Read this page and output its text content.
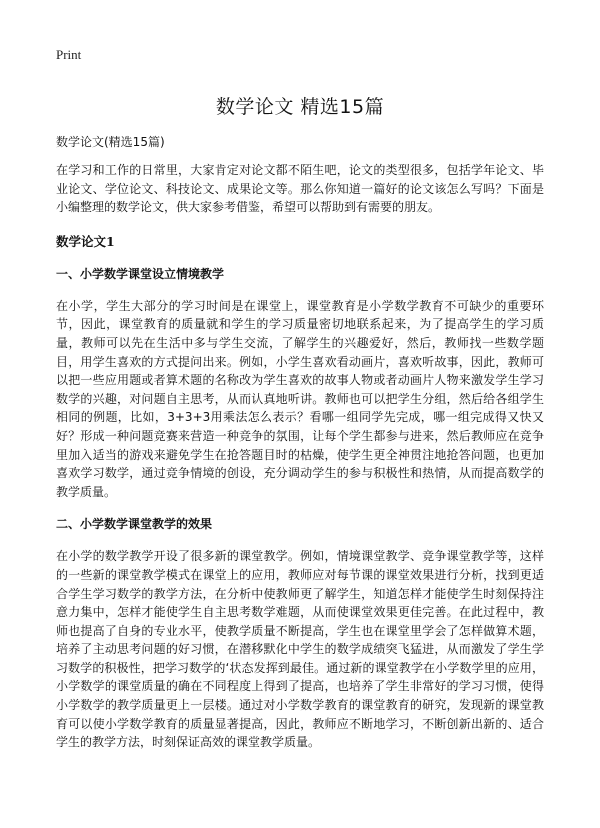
Print
数学论文 精选15篇
数学论文(精选15篇)

在学习和工作的日常里，大家肯定对论文都不陌生吧，论文的类型很多，包括学年论文、毕业论文、学位论文、科技论文、成果论文等。那么你知道一篇好的论文该怎么写吗？下面是小编整理的数学论文，供大家参考借鉴，希望可以帮助到有需要的朋友。

数学论文1
一、小学数学课堂设立情境教学

在小学，学生大部分的学习时间是在课堂上，课堂教育是小学数学教育不可缺少的重要环节，因此，课堂教育的质量就和学生的学习质量密切地联系起来，为了提高学生的学习质量，教师可以先在生活中多与学生交流，了解学生的兴趣爱好，然后，教师找一些数学题目，用学生喜欢的方式提问出来。例如，小学生喜欢看动画片，喜欢听故事，因此，教师可以把一些应用题或者算术题的名称改为学生喜欢的故事人物或者动画片人物来激发学生学习数学的兴趣，对问题自主思考，从而认真地听讲。教师也可以把学生分组，然后给各组学生相同的例题，比如，3+3+3用乘法怎么表示？看哪一组同学先完成，哪一组完成得又快又好？形成一种问题竞赛来营造一种竞争的氛围，让每个学生都参与进来，然后教师应在竞争里加入适当的游戏来避免学生在抢答题目时的枯燥，使学生更全神贯注地抢答问题，也更加喜欢学习数学，通过竞争情境的创设，充分调动学生的参与积极性和热情，从而提高数学的教学质量。

二、小学数学课堂教学的效果

在小学的数学教学开设了很多新的课堂教学。例如，情境课堂教学、竞争课堂教学等，这样的一些新的课堂教学模式在课堂上的应用，教师应对每节课的课堂效果进行分析，找到更适合学生学习数学的教学方法，在分析中使教师更了解学生，知道怎样才能使学生时刻保持注意力集中，怎样才能使学生自主思考数学难题，从而使课堂效果更佳完善。在此过程中，教师也提高了自身的专业水平，使教学质量不断提高，学生也在课堂里学会了怎样做算术题，培养了主动思考问题的好习惯，在潜移默化中学生的数学成绩突飞猛进，从而激发了学生学习数学的积极性，把学习数学的‘状态发挥到最佳。通过新的课堂教学在小学数学里的应用，小学数学的课堂质量的确在不同程度上得到了提高，也培养了学生非常好的学习习惯，使得小学数学的教学质量更上一层楼。通过对小学数学教育的课堂教育的研究，发现新的课堂教育可以使小学数学教育的质量显著提高，因此，教师应不断地学习，不断创新出新的、适合学生的教学方法，时刻保证高效的课堂教学质量。
